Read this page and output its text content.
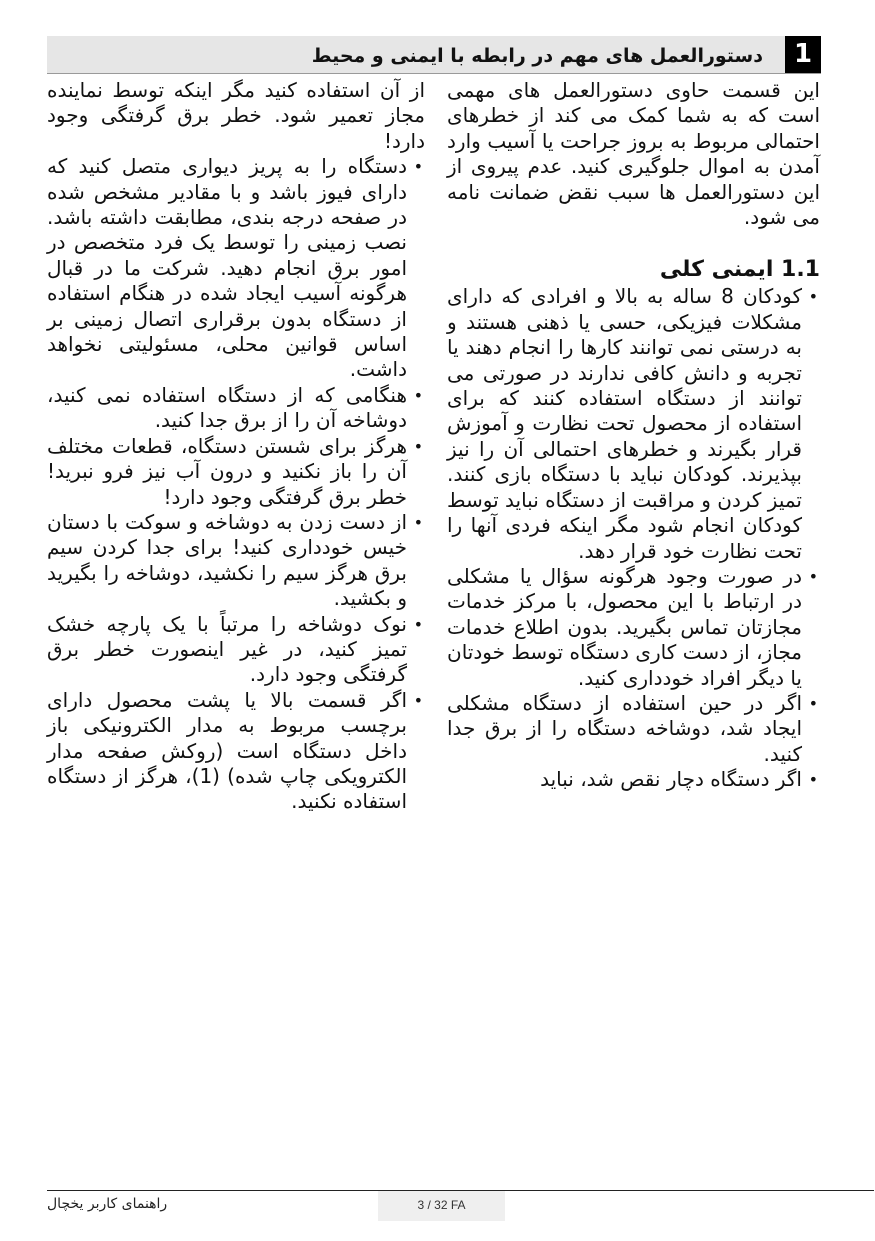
1
دستورالعمل های مهم در رابطه با ایمنی و محیط

این قسمت حاوی دستورالعمل های مهمی است که به شما کمک می کند از خطرهای احتمالی مربوط به بروز جراحت یا آسیب وارد آمدن به اموال جلوگیری کنید. عدم پیروی از این دستورالعمل ها سبب نقض ضمانت نامه می شود.

1.1 ایمنی کلی
• کودکان 8 ساله به بالا و افرادی که دارای مشکلات فیزیکی، حسی یا ذهنی هستند و به درستی نمی توانند کارها را انجام دهند یا تجربه و دانش کافی ندارند در صورتی می توانند از دستگاه استفاده کنند که برای استفاده از محصول تحت نظارت و آموزش قرار بگیرند و خطرهای احتمالی آن را نیز بپذیرند. کودکان نباید با دستگاه بازی کنند. تمیز کردن و مراقبت از دستگاه نباید توسط کودکان انجام شود مگر اینکه فردی آنها را تحت نظارت خود قرار دهد.
• در صورت وجود هرگونه سؤال یا مشکلی در ارتباط با این محصول، با مرکز خدمات مجازتان تماس بگیرید. بدون اطلاع خدمات مجاز، از دست کاری دستگاه توسط خودتان یا دیگر افراد خودداری کنید.
• اگر در حین استفاده از دستگاه مشکلی ایجاد شد، دوشاخه دستگاه را از برق جدا کنید.
• اگر دستگاه دچار نقص شد، نباید
از آن استفاده کنید مگر اینکه توسط نماینده مجاز تعمیر شود. خطر برق گرفتگی وجود دارد!
• دستگاه را به پریز دیواری متصل کنید که دارای فیوز باشد و با مقادیر مشخص شده در صفحه درجه بندی، مطابقت داشته باشد. نصب زمینی را توسط یک فرد متخصص در امور برق انجام دهید. شرکت ما در قبال هرگونه آسیب ایجاد شده در هنگام استفاده از دستگاه بدون برقراری اتصال زمینی بر اساس قوانین محلی، مسئولیتی نخواهد داشت.
• هنگامی که از دستگاه استفاده نمی کنید، دوشاخه آن را از برق جدا کنید.
• هرگز برای شستن دستگاه، قطعات مختلف آن را باز نکنید و درون آب نیز فرو نبرید! خطر برق گرفتگی وجود دارد!
• از دست زدن به دوشاخه و سوکت با دستان خیس خودداری کنید! برای جدا کردن سیم برق هرگز سیم را نکشید، دوشاخه را بگیرید و بکشید.
• نوک دوشاخه را مرتباً با یک پارچه خشک تمیز کنید، در غیر اینصورت خطر برق گرفتگی وجود دارد.
• اگر قسمت بالا یا پشت محصول دارای برچسب مربوط به مدار الکترونیکی باز داخل دستگاه است (روکش صفحه مدار الکترویکی چاپ شده) (1)، هرگز از دستگاه استفاده نکنید.
راهنمای کاربر یخچال	3 / 32 FA
